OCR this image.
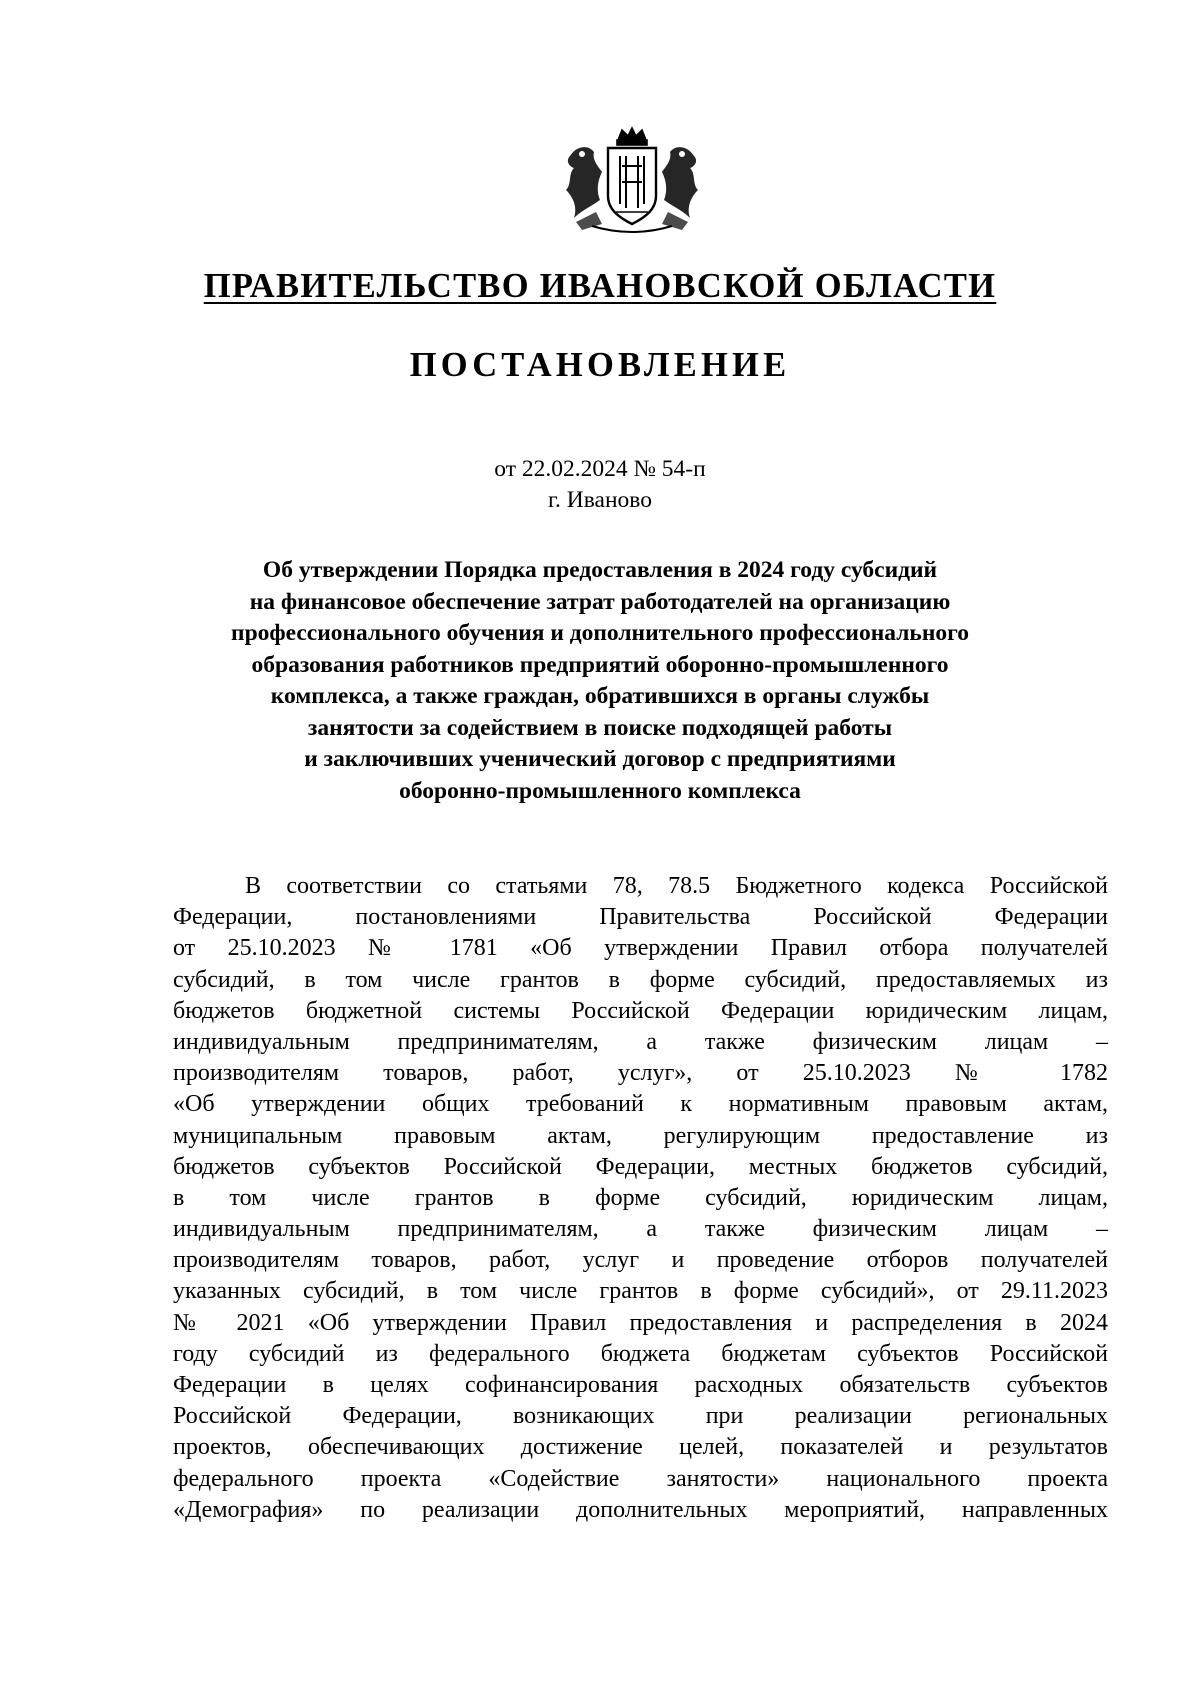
ПРАВИТЕЛЬСТВО ИВАНОВСКОЙ ОБЛАСТИ
ПОСТАНОВЛЕНИЕ
от 22.02.2024 № 54-п
г. Иваново
Об утверждении Порядка предоставления в 2024 году субсидий
на финансовое обеспечение затрат работодателей на организацию
профессионального обучения и дополнительного профессионального
образования работников предприятий оборонно-промышленного
комплекса, а также граждан, обратившихся в органы службы
занятости за содействием в поиске подходящей работы
и заключивших ученический договор с предприятиями
оборонно-промышленного комплекса
В соответствии со статьями 78, 78.5 Бюджетного кодекса Российской
Федерации, постановлениями Правительства Российской Федерации
от 25.10.2023 № 1781 «Об утверждении Правил отбора получателей
субсидий, в том числе грантов в форме субсидий, предоставляемых из
бюджетов бюджетной системы Российской Федерации юридическим лицам,
индивидуальным предпринимателям, а также физическим лицам –
производителям товаров, работ, услуг», от 25.10.2023 № 1782
«Об утверждении общих требований к нормативным правовым актам,
муниципальным правовым актам, регулирующим предоставление из
бюджетов субъектов Российской Федерации, местных бюджетов субсидий,
в том числе грантов в форме субсидий, юридическим лицам,
индивидуальным предпринимателям, а также физическим лицам –
производителям товаров, работ, услуг и проведение отборов получателей
указанных субсидий, в том числе грантов в форме субсидий», от 29.11.2023
№ 2021 «Об утверждении Правил предоставления и распределения в 2024
году субсидий из федерального бюджета бюджетам субъектов Российской
Федерации в целях софинансирования расходных обязательств субъектов
Российской Федерации, возникающих при реализации региональных
проектов, обеспечивающих достижение целей, показателей и результатов
федерального проекта «Содействие занятости» национального проекта
«Демография» по реализации дополнительных мероприятий, направленных
